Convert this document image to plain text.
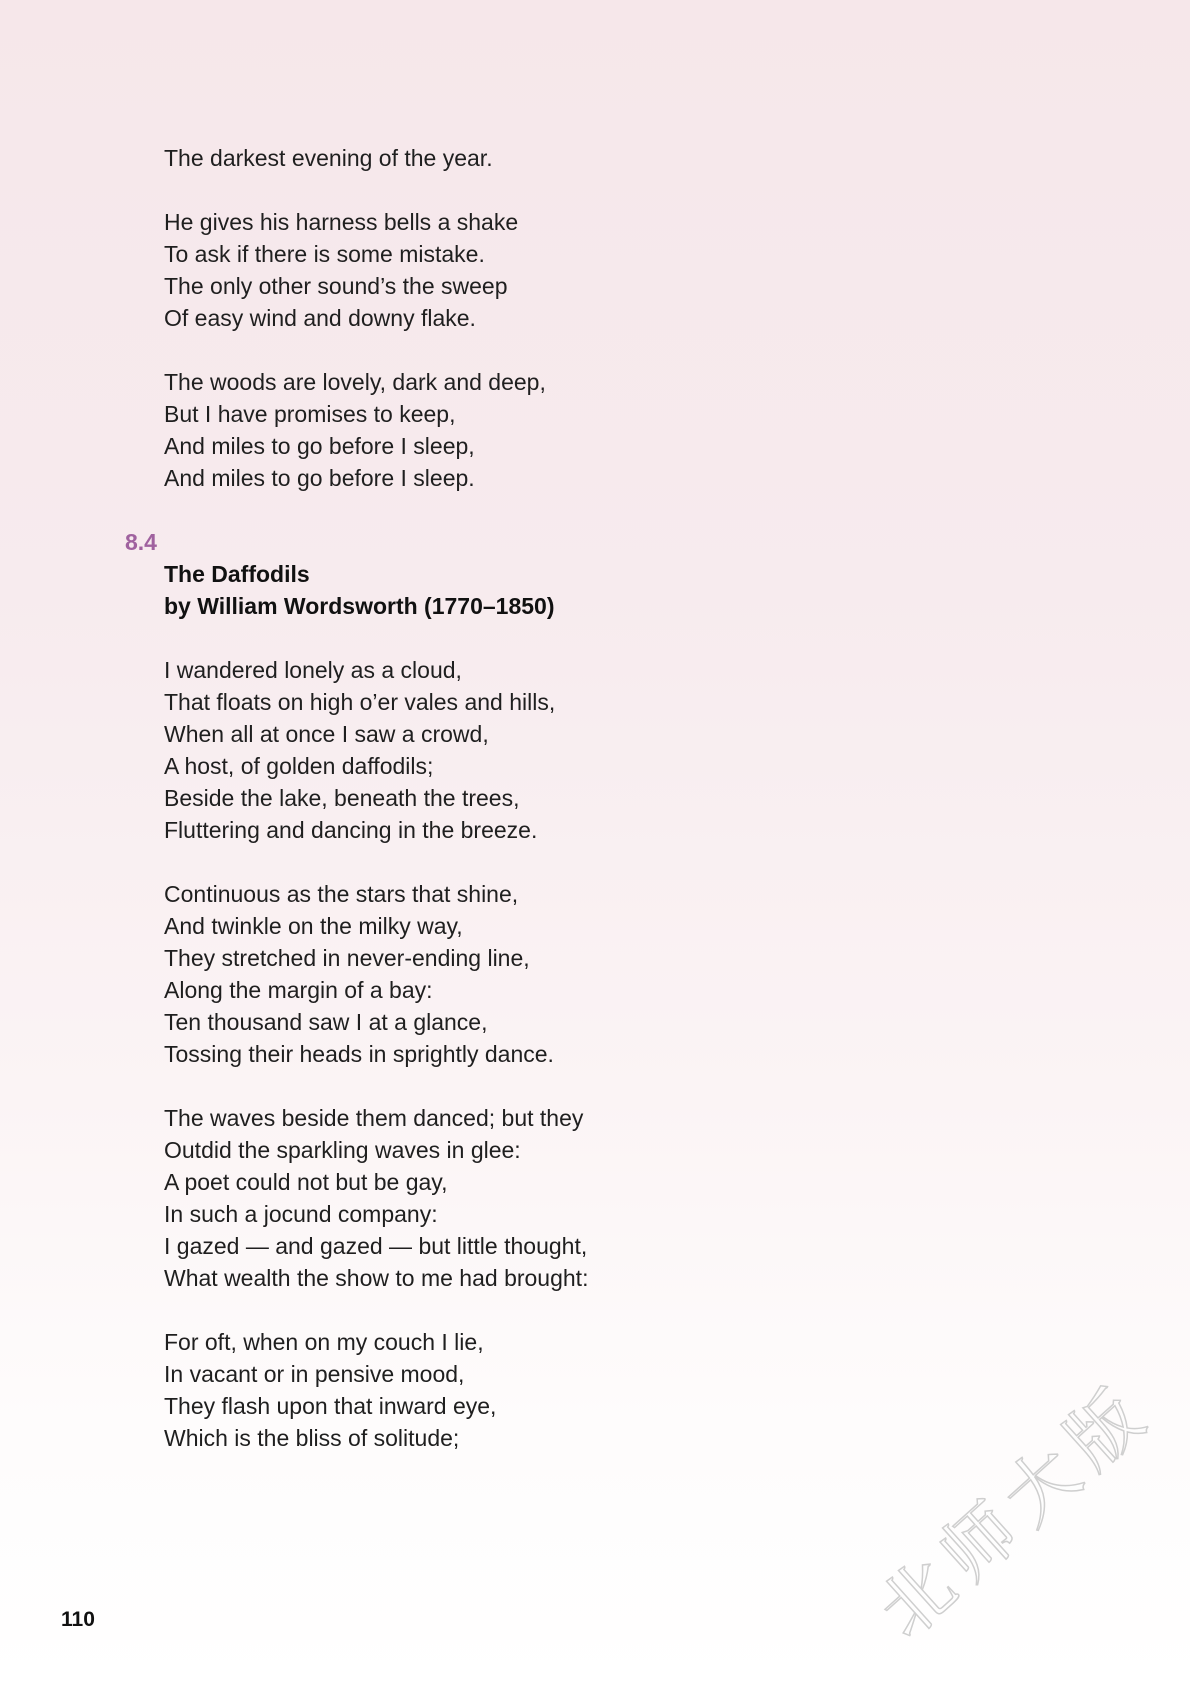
The darkest evening of the year.
He gives his harness bells a shake
To ask if there is some mistake.
The only other sound’s the sweep
Of easy wind and downy flake.
The woods are lovely, dark and deep,
But I have promises to keep,
And miles to go before I sleep,
And miles to go before I sleep.
8.4
The Daffodils
by William Wordsworth (1770–1850)
I wandered lonely as a cloud,
That floats on high o’er vales and hills,
When all at once I saw a crowd,
A host, of golden daffodils;
Beside the lake, beneath the trees,
Fluttering and dancing in the breeze.
Continuous as the stars that shine,
And twinkle on the milky way,
They stretched in never-ending line,
Along the margin of a bay:
Ten thousand saw I at a glance,
Tossing their heads in sprightly dance.
The waves beside them danced; but they
Outdid the sparkling waves in glee:
A poet could not but be gay,
In such a jocund company:
I gazed — and gazed — but little thought,
What wealth the show to me had brought:
For oft, when on my couch I lie,
In vacant or in pensive mood,
They flash upon that inward eye,
Which is the bliss of solitude;
110	北师大版
